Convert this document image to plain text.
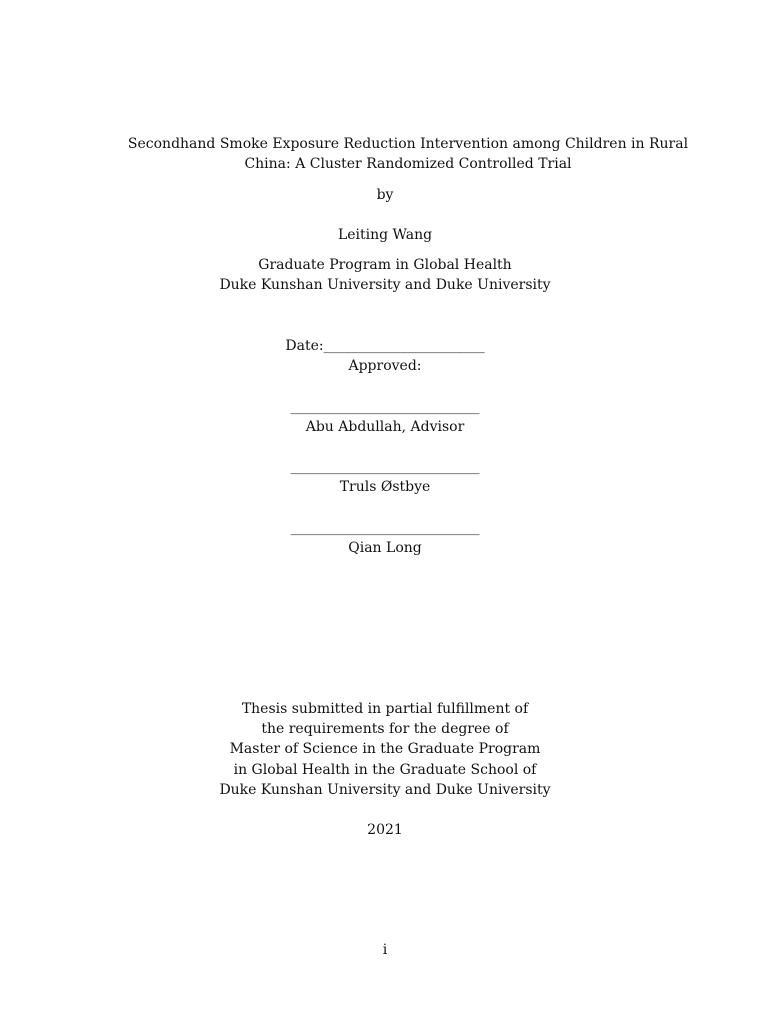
Secondhand Smoke Exposure Reduction Intervention among Children in Rural China: A Cluster Randomized Controlled Trial
by
Leiting Wang
Graduate Program in Global Health
Duke Kunshan University and Duke University
Date:_______________________
Approved:
___________________________
Abu Abdullah, Advisor
___________________________
Truls Østbye
___________________________
Qian Long
Thesis submitted in partial fulfillment of
the requirements for the degree of
Master of Science in the Graduate Program
in Global Health in the Graduate School of
Duke Kunshan University and Duke University
2021
i
